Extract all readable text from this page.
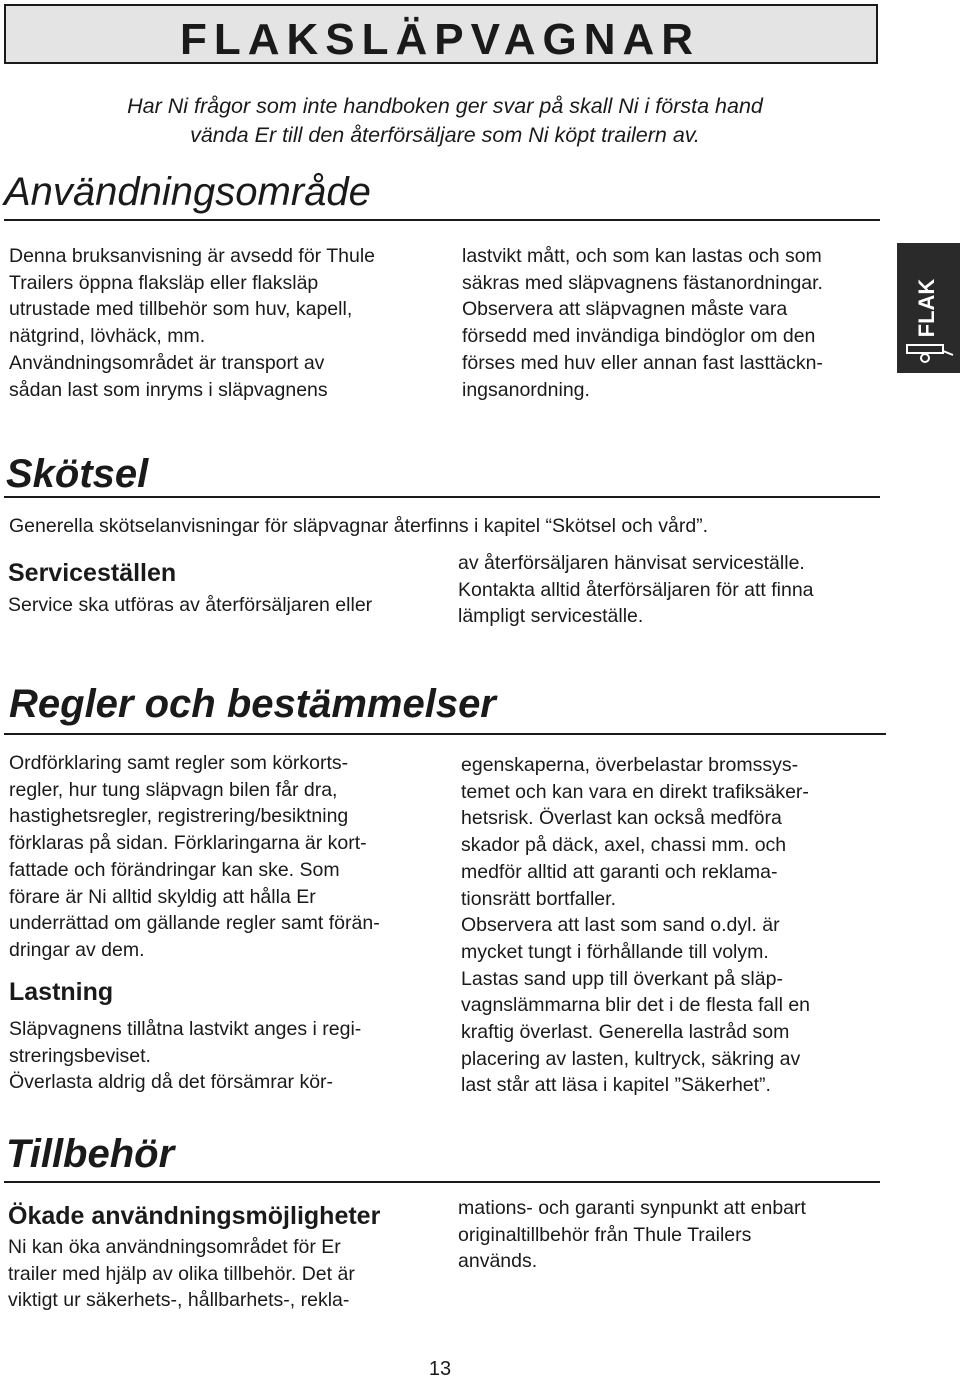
FLAKSLÄPVAGNAR
Har Ni frågor som inte handboken ger svar på skall Ni i första hand
vända Er till den återförsäljare som Ni köpt trailern av.
Användningsområde
Denna bruksanvisning är avsedd för Thule
Trailers öppna flaksläp eller flaksläp
utrustade med tillbehör som huv, kapell,
nätgrind, lövhäck, mm.
Användningsområdet är transport av
sådan last som inryms i släpvagnens
lastvikt mått, och som kan lastas och som
säkras med släpvagnens fästanordningar.
Observera att släpvagnen måste vara
försedd med invändiga bindöglor om den
förses med huv eller annan fast lasttäckn-
ingsanordning.
FLAK
Skötsel
Generella skötselanvisningar för släpvagnar återfinns i kapitel “Skötsel och vård”.
Serviceställen
Service ska utföras av återförsäljaren eller
av återförsäljaren hänvisat serviceställe.
Kontakta alltid återförsäljaren för att finna
lämpligt serviceställe.
Regler och bestämmelser
Ordförklaring samt regler som körkorts-
regler, hur tung släpvagn bilen får dra,
hastighetsregler, registrering/besiktning
förklaras på sidan. Förklaringarna är kort-
fattade och förändringar kan ske. Som
förare är Ni alltid skyldig att hålla Er
underrättad om gällande regler samt förän-
dringar av dem.
Lastning
Släpvagnens tillåtna lastvikt anges i regi-
streringsbeviset.
Överlasta aldrig då det försämrar kör-
egenskaperna, överbelastar bromssys-
temet och kan vara en direkt trafiksäker-
hetsrisk. Överlast kan också medföra
skador på däck, axel, chassi mm. och
medför alltid att garanti och reklama-
tionsrätt bortfaller.
Observera att last som sand o.dyl. är
mycket tungt i förhållande till volym.
Lastas sand upp till överkant på släp-
vagnslämmarna blir det i de flesta fall en
kraftig överlast. Generella lastråd som
placering av lasten, kultryck, säkring av
last står att läsa i kapitel ”Säkerhet”.
Tillbehör
Ökade användningsmöjligheter
Ni kan öka användningsområdet för Er
trailer med hjälp av olika tillbehör. Det är
viktigt ur säkerhets-, hållbarhets-, rekla-
mations- och garanti synpunkt att enbart
originaltillbehör från Thule Trailers
används.
13
